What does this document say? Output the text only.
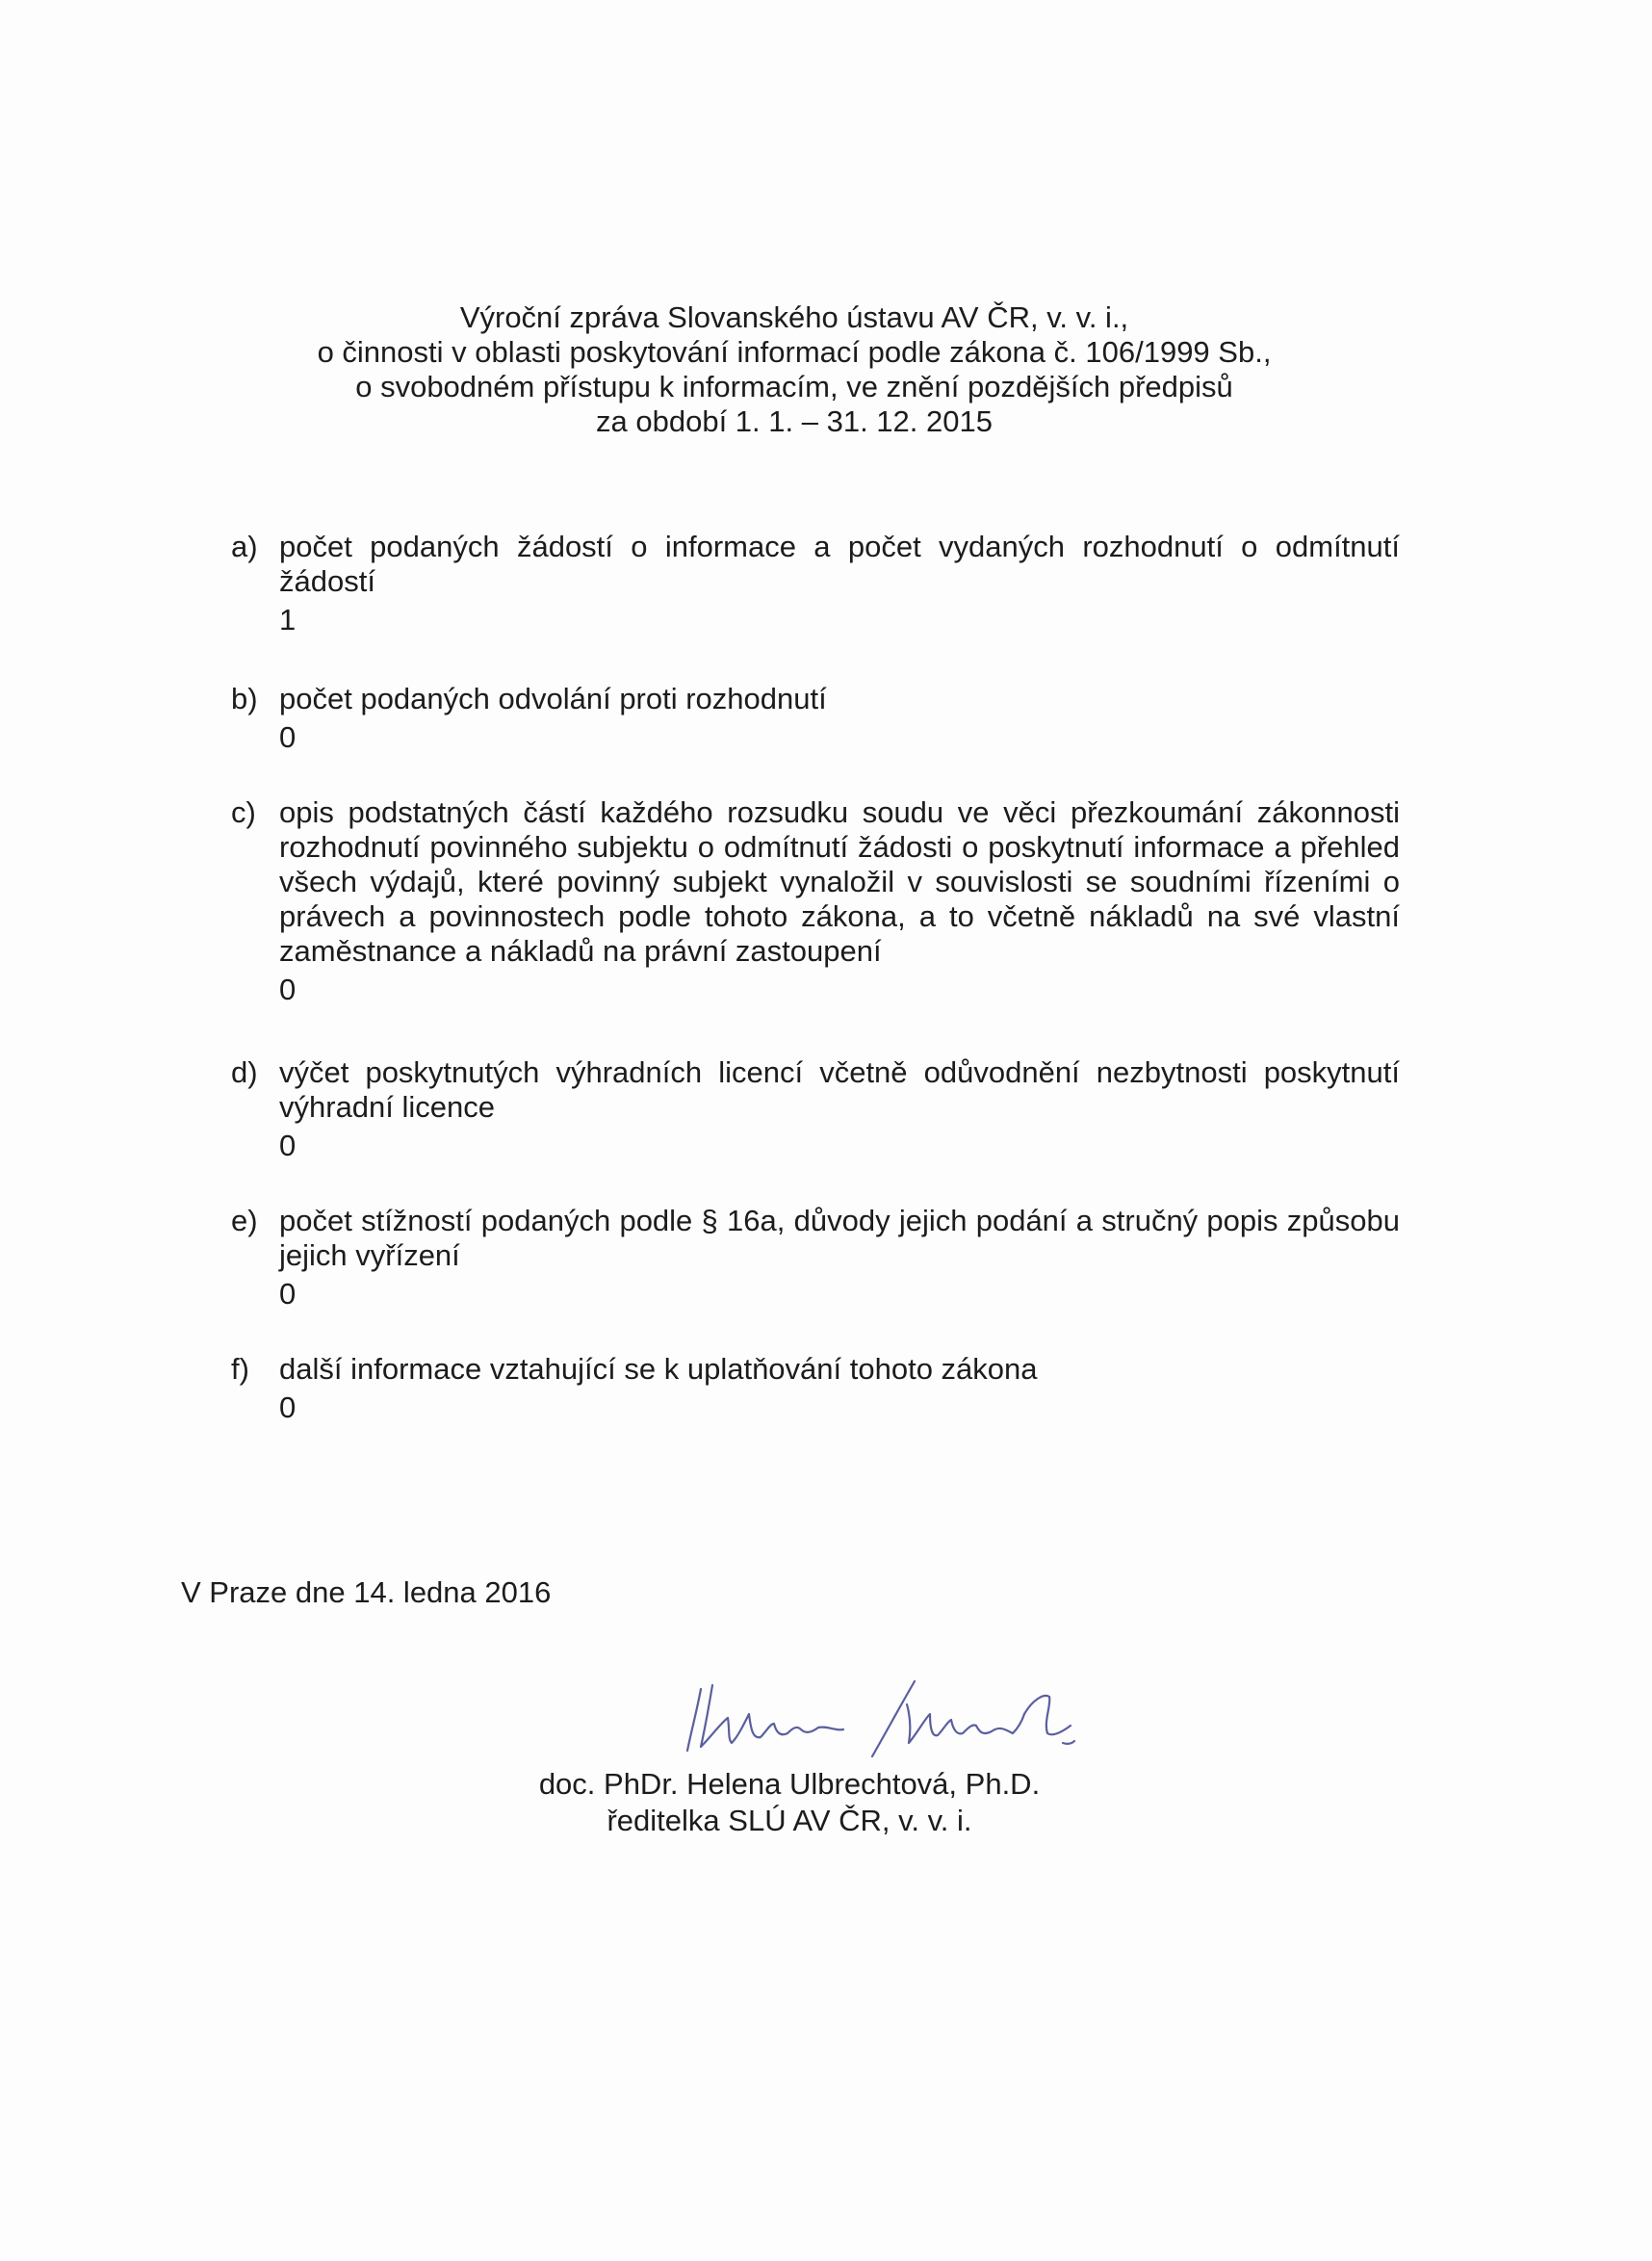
Výroční zpráva Slovanského ústavu AV ČR, v. v. i.,
o činnosti v oblasti poskytování informací podle zákona č. 106/1999 Sb.,
o svobodném přístupu k informacím, ve znění pozdějších předpisů
za období 1. 1. – 31. 12. 2015
a) počet podaných žádostí o informace a počet vydaných rozhodnutí o odmítnutí žádostí
1
b) počet podaných odvolání proti rozhodnutí
0
c) opis podstatných částí každého rozsudku soudu ve věci přezkoumání zákonnosti rozhodnutí povinného subjektu o odmítnutí žádosti o poskytnutí informace a přehled všech výdajů, které povinný subjekt vynaložil v souvislosti se soudními řízeními o právech a povinnostech podle tohoto zákona, a to včetně nákladů na své vlastní zaměstnance a nákladů na právní zastoupení
0
d) výčet poskytnutých výhradních licencí včetně odůvodnění nezbytnosti poskytnutí výhradní licence
0
e) počet stížností podaných podle § 16a, důvody jejich podání a stručný popis způsobu jejich vyřízení
0
f)	další informace vztahující se k uplatňování tohoto zákona
0
V Praze dne 14. ledna 2016
doc. PhDr. Helena Ulbrechtová, Ph.D.
ředitelka SLÚ AV ČR, v. v. i.
